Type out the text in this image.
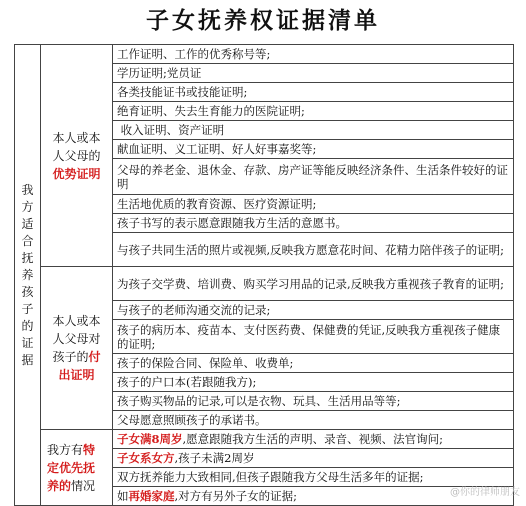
子女抚养权证据清单
我方适合抚养孩子的证据	本人或本人父母的优势证明	工作证明、工作的优秀称号等;
		学历证明;党员证
		各类技能证书或技能证明;
		绝育证明、失去生育能力的医院证明;
		收入证明、资产证明
		献血证明、义工证明、好人好事嘉奖等;
		父母的养老金、退休金、存款、房产证等能反映经济条件、生活条件较好的证明
		生活地优质的教育资源、医疗资源证明;
		孩子书写的表示愿意跟随我方生活的意愿书。
		与孩子共同生活的照片或视频,反映我方愿意花时间、花精力陪伴孩子的证明;
	本人或本人父母对孩子的付出证明	为孩子交学费、培训费、购买学习用品的记录,反映我方重视孩子教育的证明;
		与孩子的老师沟通交流的记录;
		孩子的病历本、疫苗本、支付医药费、保健费的凭证,反映我方重视孩子健康的证明;
		孩子的保险合同、保险单、收费单;
		孩子的户口本(若跟随我方);
		孩子购买物品的记录,可以是衣物、玩具、生活用品等等;
		父母愿意照顾孩子的承诺书。
	我方有特定优先抚养的情况	子女满8周岁,愿意跟随我方生活的声明、录音、视频、法官询问;
		子女系女方,孩子未满2周岁
		双方抚养能力大致相同,但孩子跟随我方父母生活多年的证据;
		如再婚家庭,对方有另外子女的证据;	@你的律师朋友
